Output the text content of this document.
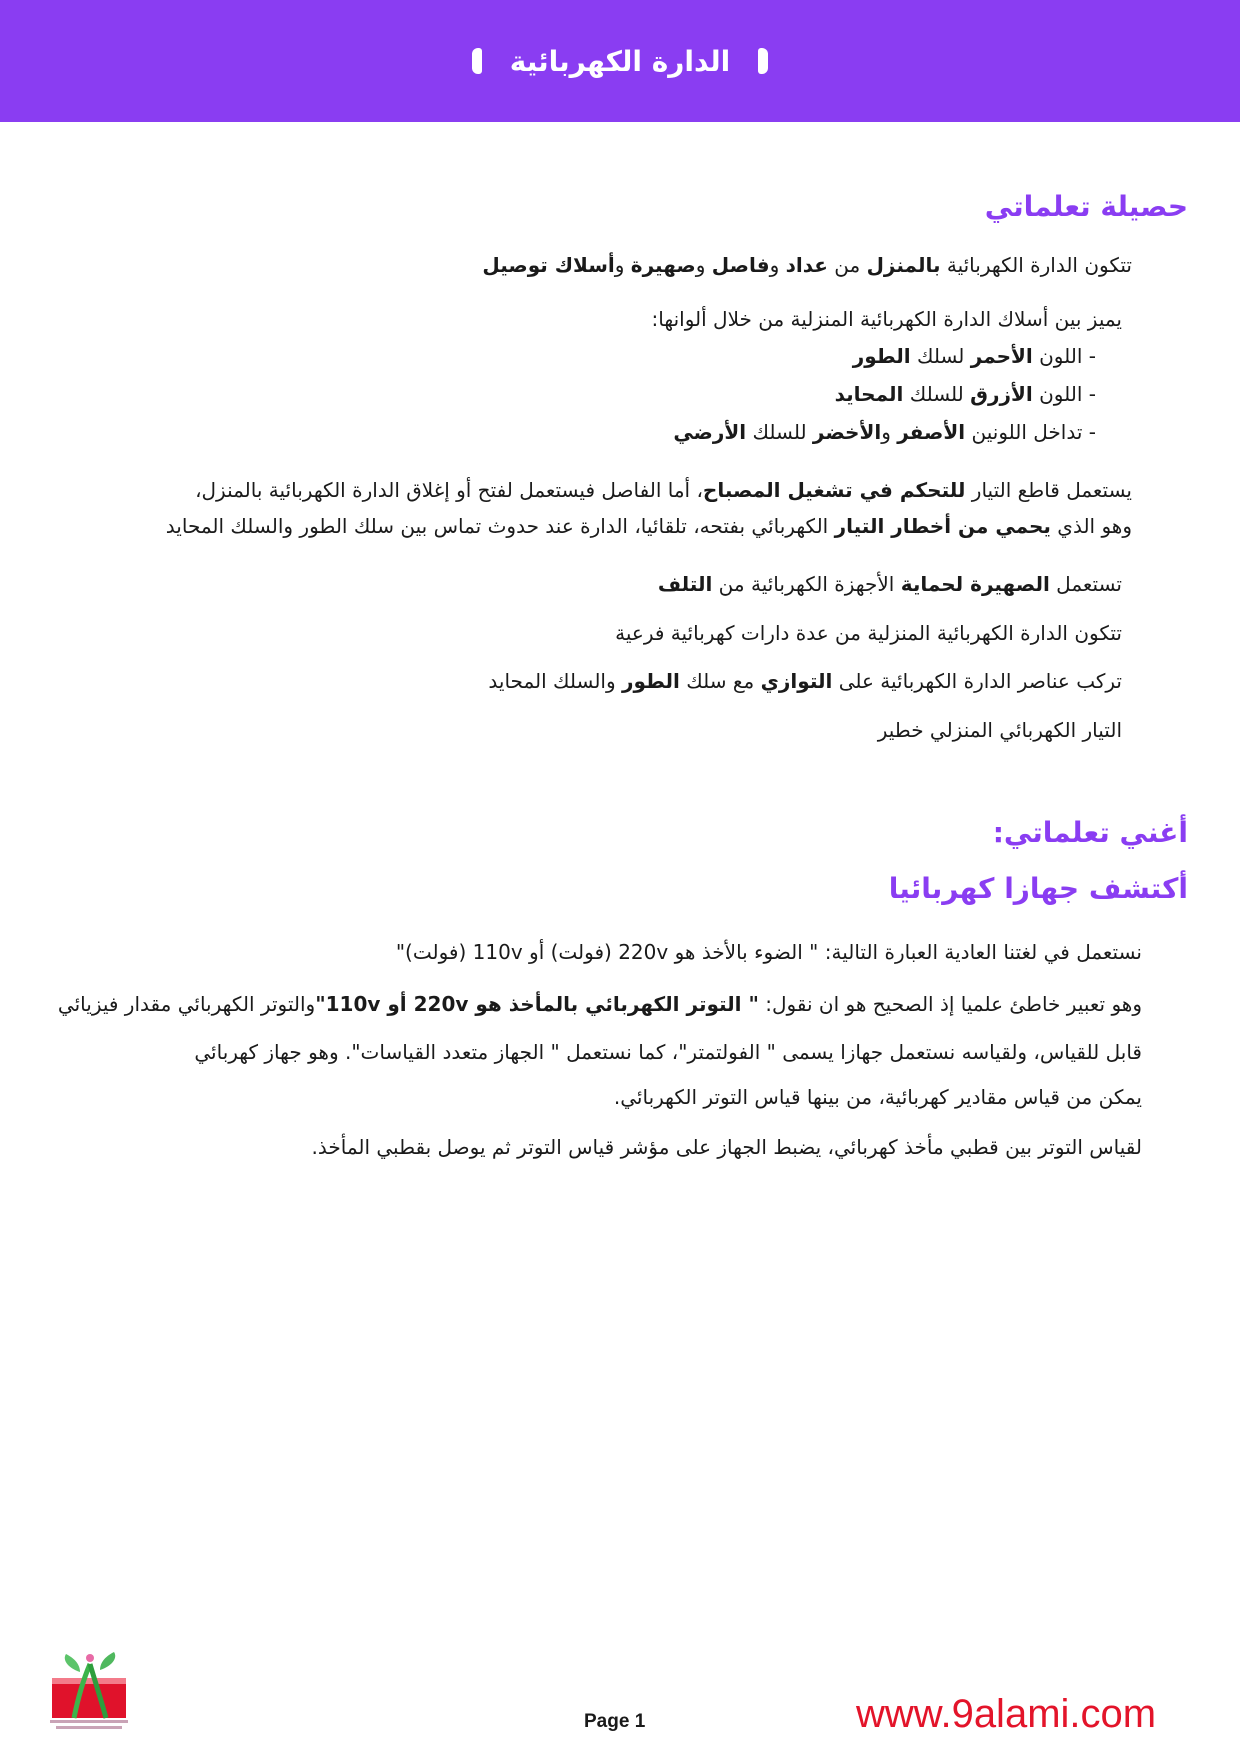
الدارة الكهربائية
حصيلة تعلماتي
تتكون الدارة الكهربائية بالمنزل من عداد وفاصل وصهيرة وأسلاك توصيل
يميز بين أسلاك الدارة الكهربائية المنزلية من خلال ألوانها:
- اللون الأحمر لسلك الطور
- اللون الأزرق للسلك المحايد
- تداخل اللونين الأصفر والأخضر للسلك الأرضي
يستعمل قاطع التيار للتحكم في تشغيل المصباح، أما الفاصل فيستعمل لفتح أو إغلاق الدارة الكهربائية بالمنزل،
وهو الذي يحمي من أخطار التيار الكهربائي بفتحه، تلقائيا، الدارة عند حدوث تماس بين سلك الطور والسلك المحايد
تستعمل الصهيرة لحماية الأجهزة الكهربائية من التلف
تتكون الدارة الكهربائية المنزلية من عدة دارات كهربائية فرعية
تركب عناصر الدارة الكهربائية على التوازي مع سلك الطور والسلك المحايد
التيار الكهربائي المنزلي خطير
أغني تعلماتي:
أكتشف جهازا كهربائيا
نستعمل في لغتنا العادية العبارة التالية: " الضوء بالأخذ هو 220v (فولت) أو 110v (فولت)"
وهو تعبير خاطئ علميا إذ الصحيح هو ان نقول: " التوتر الكهربائي بالمأخذ هو 220v أو 110v"والتوتر الكهربائي مقدار فيزيائي
قابل للقياس، ولقياسه نستعمل جهازا يسمى " الفولتمتر"، كما نستعمل " الجهاز متعدد القياسات". وهو جهاز كهربائي
يمكن من قياس مقادير كهربائية، من بينها قياس التوتر الكهربائي.
لقياس التوتر بين قطبي مأخذ كهربائي، يضبط الجهاز على مؤشر قياس التوتر ثم يوصل بقطبي المأخذ.
Page 1	www.9alami.com
